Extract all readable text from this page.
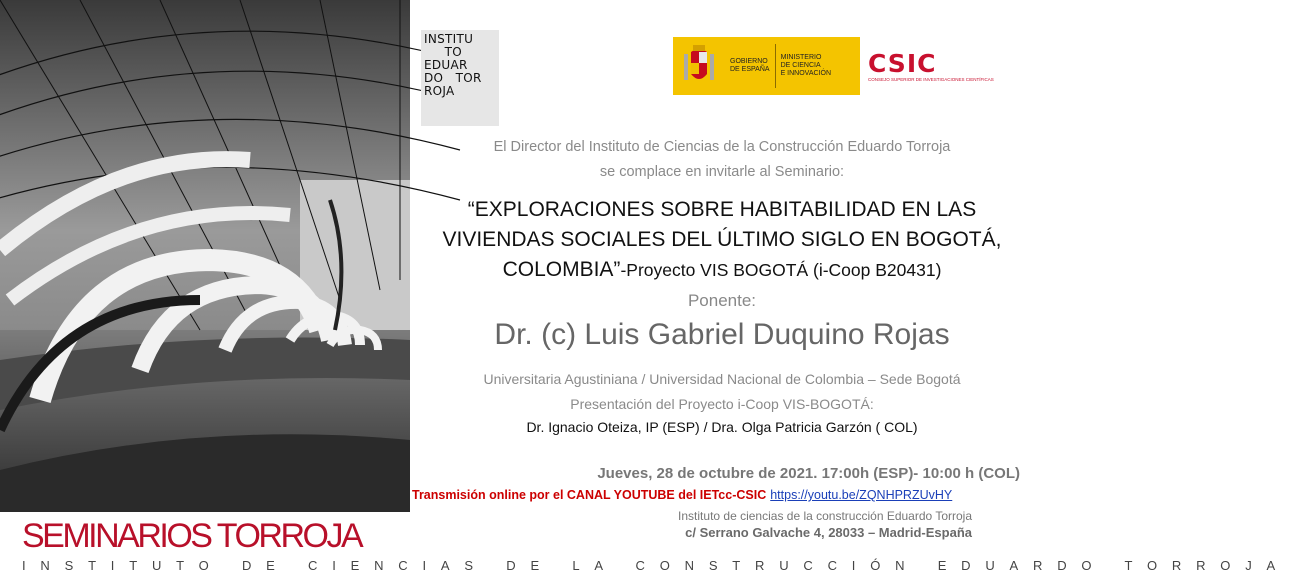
INSTITU
TO
EDUAR
DO   TOR
ROJA
GOBIERNO
DE ESPAÑA
MINISTERIO
DE CIENCIA
E INNOVACIÓN CSIC
CONSEJO SUPERIOR DE INVESTIGACIONES CIENTÍFICAS
El Director del Instituto de Ciencias de la Construcción Eduardo Torroja
se complace en invitarle al Seminario:
“EXPLORACIONES SOBRE HABITABILIDAD EN LAS
VIVIENDAS SOCIALES DEL ÚLTIMO SIGLO EN BOGOTÁ,
COLOMBIA”-Proyecto VIS BOGOTÁ (i-Coop B20431)
Ponente:
Dr. (c) Luis Gabriel Duquino Rojas
Universitaria Agustiniana / Universidad Nacional de Colombia – Sede Bogotá
Presentación del Proyecto i-Coop VIS-BOGOTÁ:
Dr. Ignacio Oteiza, IP (ESP) / Dra. Olga Patricia Garzón ( COL)
Jueves, 28 de octubre de 2021. 17:00h (ESP)- 10:00 h (COL)
Transmisión online por el CANAL YOUTUBE del IETcc-CSIC https://youtu.be/ZQNHPRZUvHY
Instituto de ciencias de la construcción Eduardo Torroja
c/ Serrano Galvache 4, 28033 – Madrid-España
SEMINARIOS TORROJA
INSTITUTO DE CIENCIAS DE LA CONSTRUCCIÓN EDUARDO TORROJA
